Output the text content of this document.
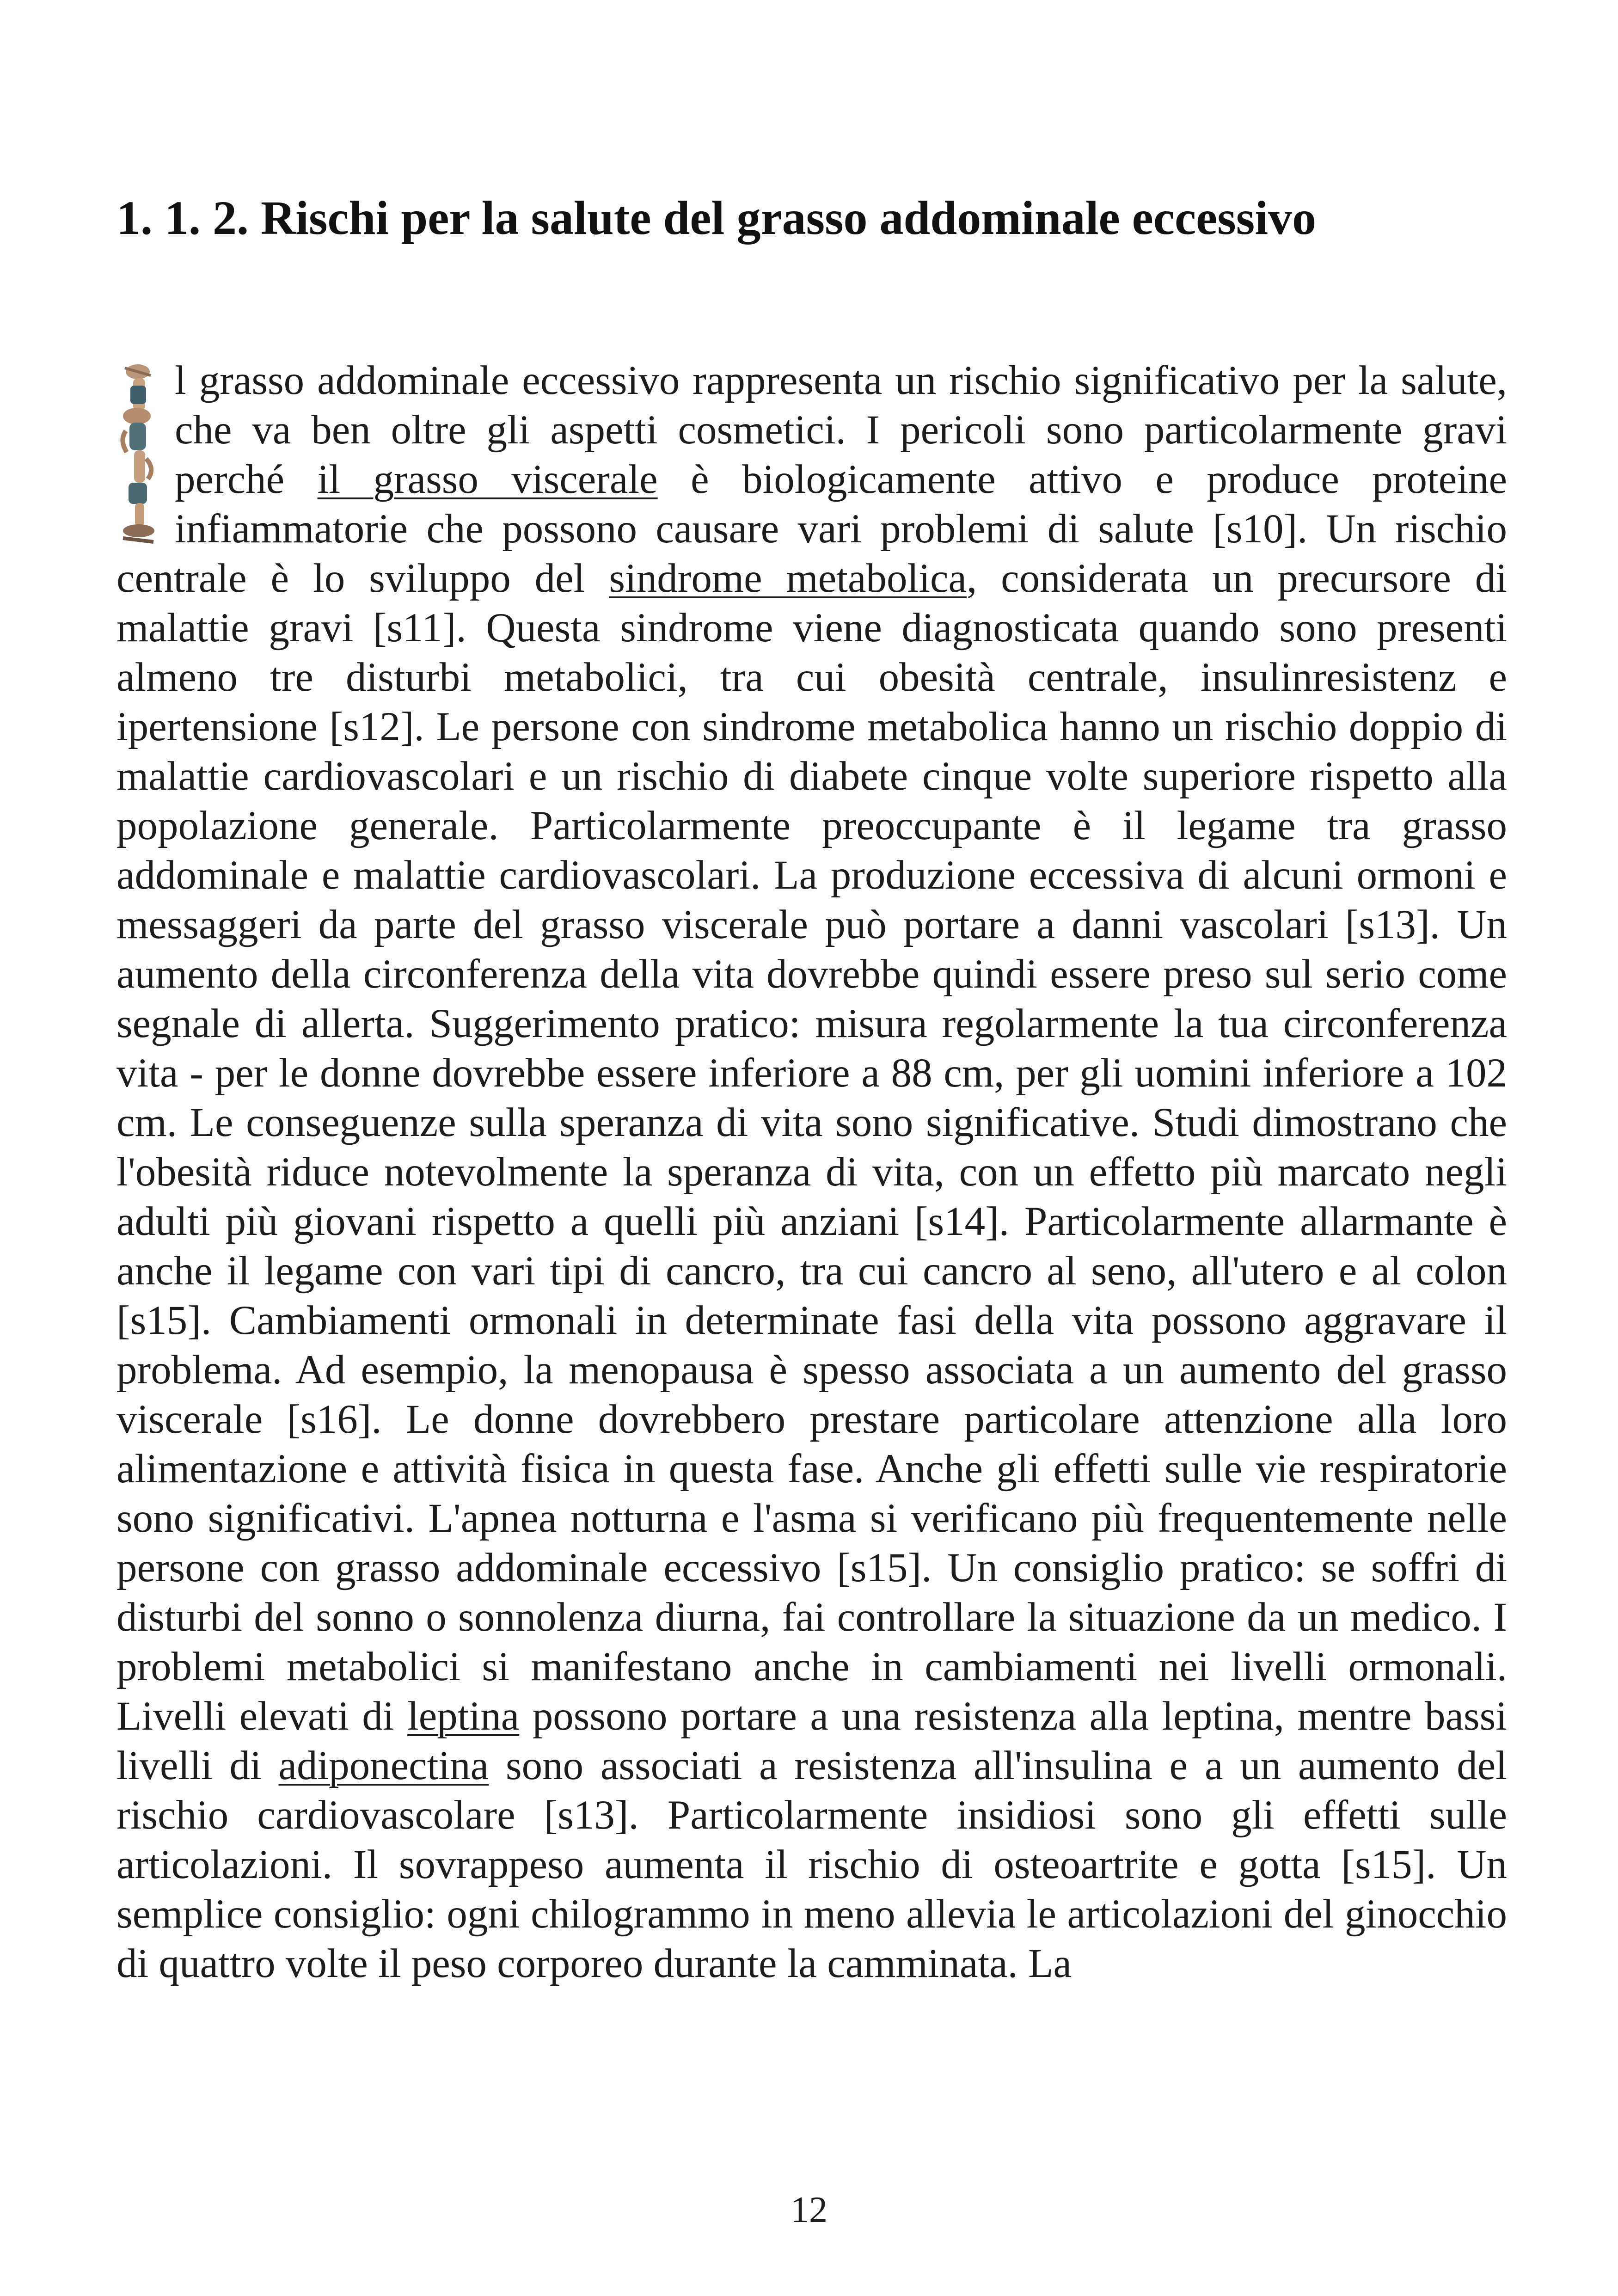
1. 1. 2. Rischi per la salute del grasso addominale eccessivo

l grasso addominale eccessivo rappresenta un rischio significativo per la salute, che va ben oltre gli aspetti cosmetici. I pericoli sono particolarmente gravi perché il grasso viscerale è biologicamente attivo e produce proteine infiammatorie che possono causare vari problemi di salute [s10]. Un rischio centrale è lo sviluppo del sindrome metabolica, considerata un precursore di malattie gravi [s11]. Questa sindrome viene diagnosticata quando sono presenti almeno tre disturbi metabolici, tra cui obesità centrale, insulinresistenz e ipertensione [s12]. Le persone con sindrome metabolica hanno un rischio doppio di malattie cardiovascolari e un rischio di diabete cinque volte superiore rispetto alla popolazione generale. Particolarmente preoccupante è il legame tra grasso addominale e malattie cardiovascolari. La produzione eccessiva di alcuni ormoni e messaggeri da parte del grasso viscerale può portare a danni vascolari [s13]. Un aumento della circonferenza della vita dovrebbe quindi essere preso sul serio come segnale di allerta. Suggerimento pratico: misura regolarmente la tua circonferenza vita - per le donne dovrebbe essere inferiore a 88 cm, per gli uomini inferiore a 102 cm. Le conseguenze sulla speranza di vita sono significative. Studi dimostrano che l'obesità riduce notevolmente la speranza di vita, con un effetto più marcato negli adulti più giovani rispetto a quelli più anziani [s14]. Particolarmente allarmante è anche il legame con vari tipi di cancro, tra cui cancro al seno, all'utero e al colon [s15]. Cambiamenti ormonali in determinate fasi della vita possono aggravare il problema. Ad esempio, la menopausa è spesso associata a un aumento del grasso viscerale [s16]. Le donne dovrebbero prestare particolare attenzione alla loro alimentazione e attività fisica in questa fase. Anche gli effetti sulle vie respiratorie sono significativi. L'apnea notturna e l'asma si verificano più frequentemente nelle persone con grasso addominale eccessivo [s15]. Un consiglio pratico: se soffri di disturbi del sonno o sonnolenza diurna, fai controllare la situazione da un medico. I problemi metabolici si manifestano anche in cambiamenti nei livelli ormonali. Livelli elevati di leptina possono portare a una resistenza alla leptina, mentre bassi livelli di adiponectina sono associati a resistenza all'insulina e a un aumento del rischio cardiovascolare [s13]. Particolarmente insidiosi sono gli effetti sulle articolazioni. Il sovrappeso aumenta il rischio di osteoartrite e gotta [s15]. Un semplice consiglio: ogni chilogrammo in meno allevia le articolazioni del ginocchio di quattro volte il peso corporeo durante la camminata. La

12
